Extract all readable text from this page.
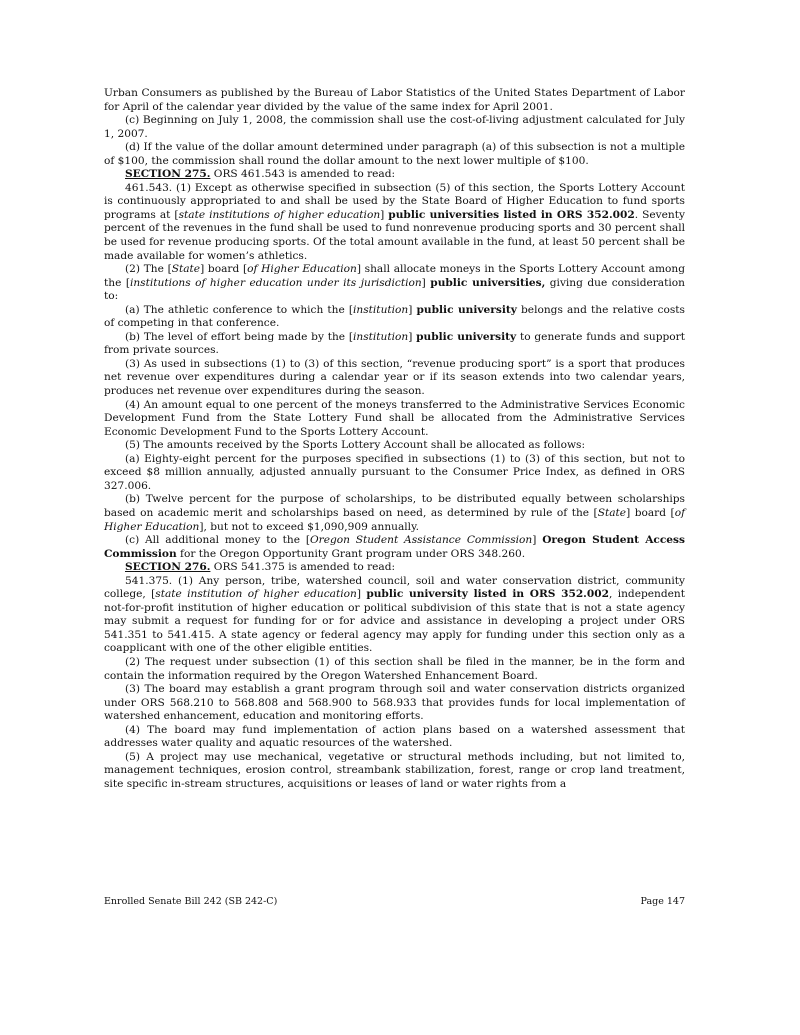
Urban Consumers as published by the Bureau of Labor Statistics of the United States Department of Labor for April of the calendar year divided by the value of the same index for April 2001.

(c) Beginning on July 1, 2008, the commission shall use the cost-of-living adjustment calculated for July 1, 2007.

(d) If the value of the dollar amount determined under paragraph (a) of this subsection is not a multiple of $100, the commission shall round the dollar amount to the next lower multiple of $100.

SECTION 275. ORS 461.543 is amended to read:

461.543. (1) Except as otherwise specified in subsection (5) of this section, the Sports Lottery Account is continuously appropriated to and shall be used by the State Board of Higher Education to fund sports programs at [state institutions of higher education] public universities listed in ORS 352.002. Seventy percent of the revenues in the fund shall be used to fund nonrevenue producing sports and 30 percent shall be used for revenue producing sports. Of the total amount available in the fund, at least 50 percent shall be made available for women’s athletics.

(2) The [State] board [of Higher Education] shall allocate moneys in the Sports Lottery Account among the [institutions of higher education under its jurisdiction] public universities, giving due consideration to:

(a) The athletic conference to which the [institution] public university belongs and the relative costs of competing in that conference.

(b) The level of effort being made by the [institution] public university to generate funds and support from private sources.

(3) As used in subsections (1) to (3) of this section, “revenue producing sport” is a sport that produces net revenue over expenditures during a calendar year or if its season extends into two calendar years, produces net revenue over expenditures during the season.

(4) An amount equal to one percent of the moneys transferred to the Administrative Services Economic Development Fund from the State Lottery Fund shall be allocated from the Administrative Services Economic Development Fund to the Sports Lottery Account.

(5) The amounts received by the Sports Lottery Account shall be allocated as follows:

(a) Eighty-eight percent for the purposes specified in subsections (1) to (3) of this section, but not to exceed $8 million annually, adjusted annually pursuant to the Consumer Price Index, as defined in ORS 327.006.

(b) Twelve percent for the purpose of scholarships, to be distributed equally between scholarships based on academic merit and scholarships based on need, as determined by rule of the [State] board [of Higher Education], but not to exceed $1,090,909 annually.

(c) All additional money to the [Oregon Student Assistance Commission] Oregon Student Access Commission for the Oregon Opportunity Grant program under ORS 348.260.

SECTION 276. ORS 541.375 is amended to read:

541.375. (1) Any person, tribe, watershed council, soil and water conservation district, community college, [state institution of higher education] public university listed in ORS 352.002, independent not-for-profit institution of higher education or political subdivision of this state that is not a state agency may submit a request for funding for or for advice and assistance in developing a project under ORS 541.351 to 541.415. A state agency or federal agency may apply for funding under this section only as a coapplicant with one of the other eligible entities.

(2) The request under subsection (1) of this section shall be filed in the manner, be in the form and contain the information required by the Oregon Watershed Enhancement Board.

(3) The board may establish a grant program through soil and water conservation districts organized under ORS 568.210 to 568.808 and 568.900 to 568.933 that provides funds for local implementation of watershed enhancement, education and monitoring efforts.

(4) The board may fund implementation of action plans based on a watershed assessment that addresses water quality and aquatic resources of the watershed.

(5) A project may use mechanical, vegetative or structural methods including, but not limited to, management techniques, erosion control, streambank stabilization, forest, range or crop land treatment, site specific in-stream structures, acquisitions or leases of land or water rights from a

Enrolled Senate Bill 242 (SB 242-C)	Page 147
